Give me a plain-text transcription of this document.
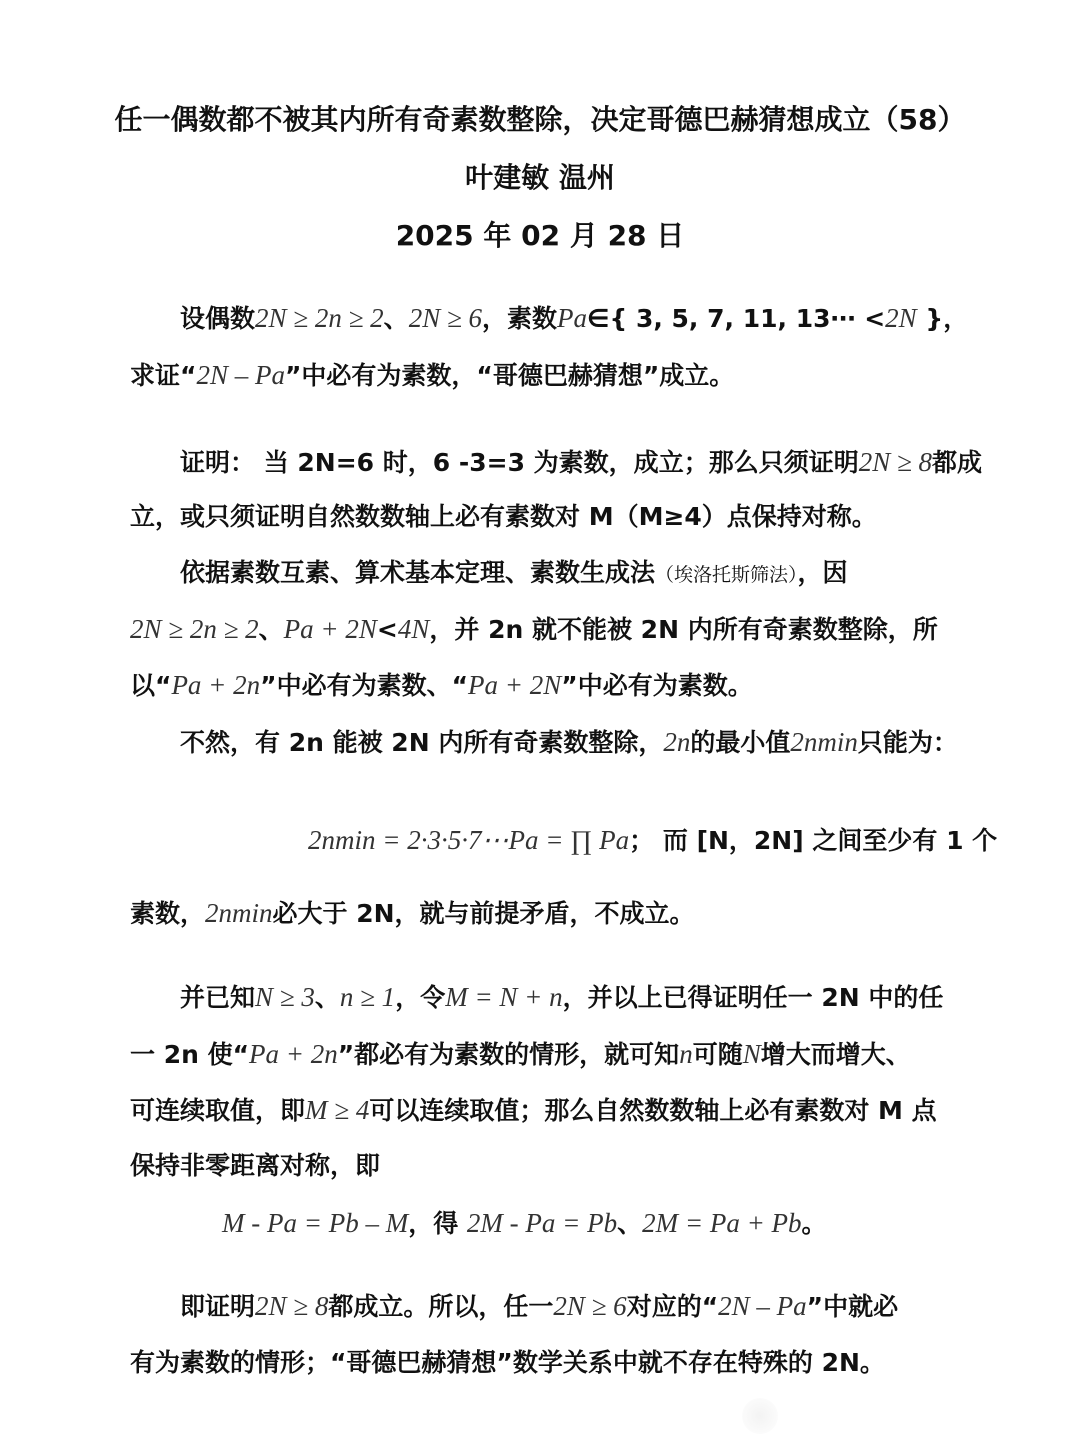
任一偶数都不被其内所有奇素数整除，决定哥德巴赫猜想成立（58）
叶建敏 温州
2025 年 02 月 28 日
设偶数2N ≥ 2n ≥ 2、2N ≥ 6，素数Pa∈{ 3, 5, 7, 11, 13⋯ <2N }，
求证“2N – Pa”中必有为素数，“哥德巴赫猜想”成立。
证明： 当 2N=6 时，6 -3=3 为素数，成立；那么只须证明2N ≥ 8都成
立，或只须证明自然数数轴上必有素数对 M（M≥4）点保持对称。
依据素数互素、算术基本定理、素数生成法（埃洛托斯筛法），因
2N ≥ 2n ≥ 2、Pa + 2N<4N，并 2n 就不能被 2N 内所有奇素数整除，所
以“Pa + 2n”中必有为素数、“Pa + 2N”中必有为素数。
不然，有 2n 能被 2N 内所有奇素数整除，2n的最小值2nmin只能为：
2nmin = 2·3·5·7⋯Pa = ∏ Pa； 而 [N，2N] 之间至少有 1 个
素数，2nmin必大于 2N，就与前提矛盾，不成立。
并已知N ≥ 3、n ≥ 1，令M = N + n，并以上已得证明任一 2N 中的任
一 2n 使“Pa + 2n”都必有为素数的情形，就可知n可随N增大而增大、
可连续取值，即M ≥ 4可以连续取值；那么自然数数轴上必有素数对 M 点
保持非零距离对称，即
M - Pa = Pb – M，得 2M - Pa = Pb、2M = Pa + Pb。
即证明2N ≥ 8都成立。所以，任一2N ≥ 6对应的“2N – Pa”中就必
有为素数的情形；“哥德巴赫猜想”数学关系中就不存在特殊的 2N。
